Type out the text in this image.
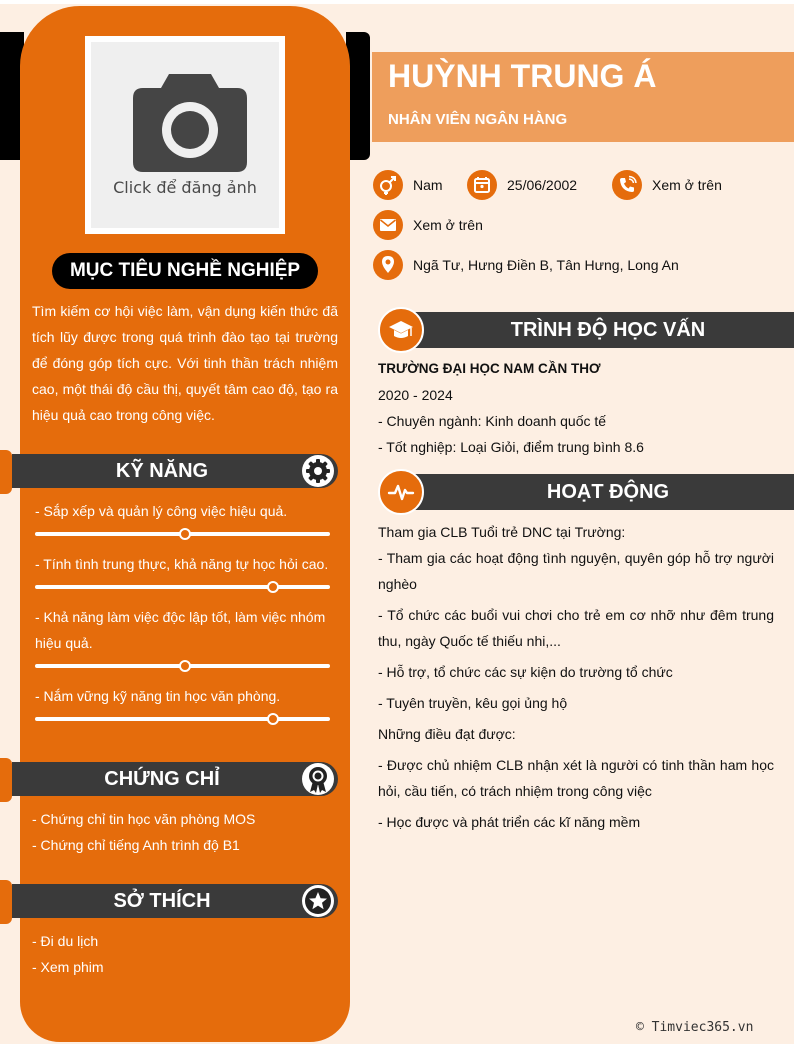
Click để đăng ảnh
MỤC TIÊU NGHỀ NGHIỆP
Tìm kiếm cơ hội việc làm, vận dụng kiến thức đã tích lũy được trong quá trình đào tạo tại trường để đóng góp tích cực. Với tinh thần trách nhiệm cao, một thái độ cầu thị, quyết tâm cao độ, tạo ra hiệu quả cao trong công việc.
KỸ NĂNG
- Sắp xếp và quản lý công việc hiệu quả.
- Tính tình trung thực, khả năng tự học hỏi cao.
- Khả năng làm việc độc lập tốt, làm việc nhóm hiệu quả.
- Nắm vững kỹ năng tin học văn phòng.
CHỨNG CHỈ
- Chứng chỉ tin học văn phòng MOS
- Chứng chỉ tiếng Anh trình độ B1
SỞ THÍCH
- Đi du lịch
- Xem phim
HUỲNH TRUNG Á
NHÂN VIÊN NGÂN HÀNG
Nam	25/06/2002	Xem ở trên
Xem ở trên
Ngã Tư, Hưng Điền B, Tân Hưng, Long An
TRÌNH ĐỘ HỌC VẤN

TRƯỜNG ĐẠI HỌC NAM CẦN THƠ

2020 - 2024

- Chuyên ngành: Kinh doanh quốc tế

- Tốt nghiệp: Loại Giỏi, điểm trung bình 8.6

HOẠT ĐỘNG

Tham gia CLB Tuổi trẻ DNC tại Trường:

- Tham gia các hoạt động tình nguyện, quyên góp hỗ trợ người nghèo

- Tổ chức các buổi vui chơi cho trẻ em cơ nhỡ như đêm trung thu, ngày Quốc tế thiếu nhi,...

- Hỗ trợ, tổ chức các sự kiện do trường tổ chức

- Tuyên truyền, kêu gọi ủng hộ

Những điều đạt được:

- Được chủ nhiệm CLB nhận xét là người có tinh thần ham học hỏi, cầu tiến, có trách nhiệm trong công việc

- Học được và phát triển các kĩ năng mềm

© Timviec365.vn
